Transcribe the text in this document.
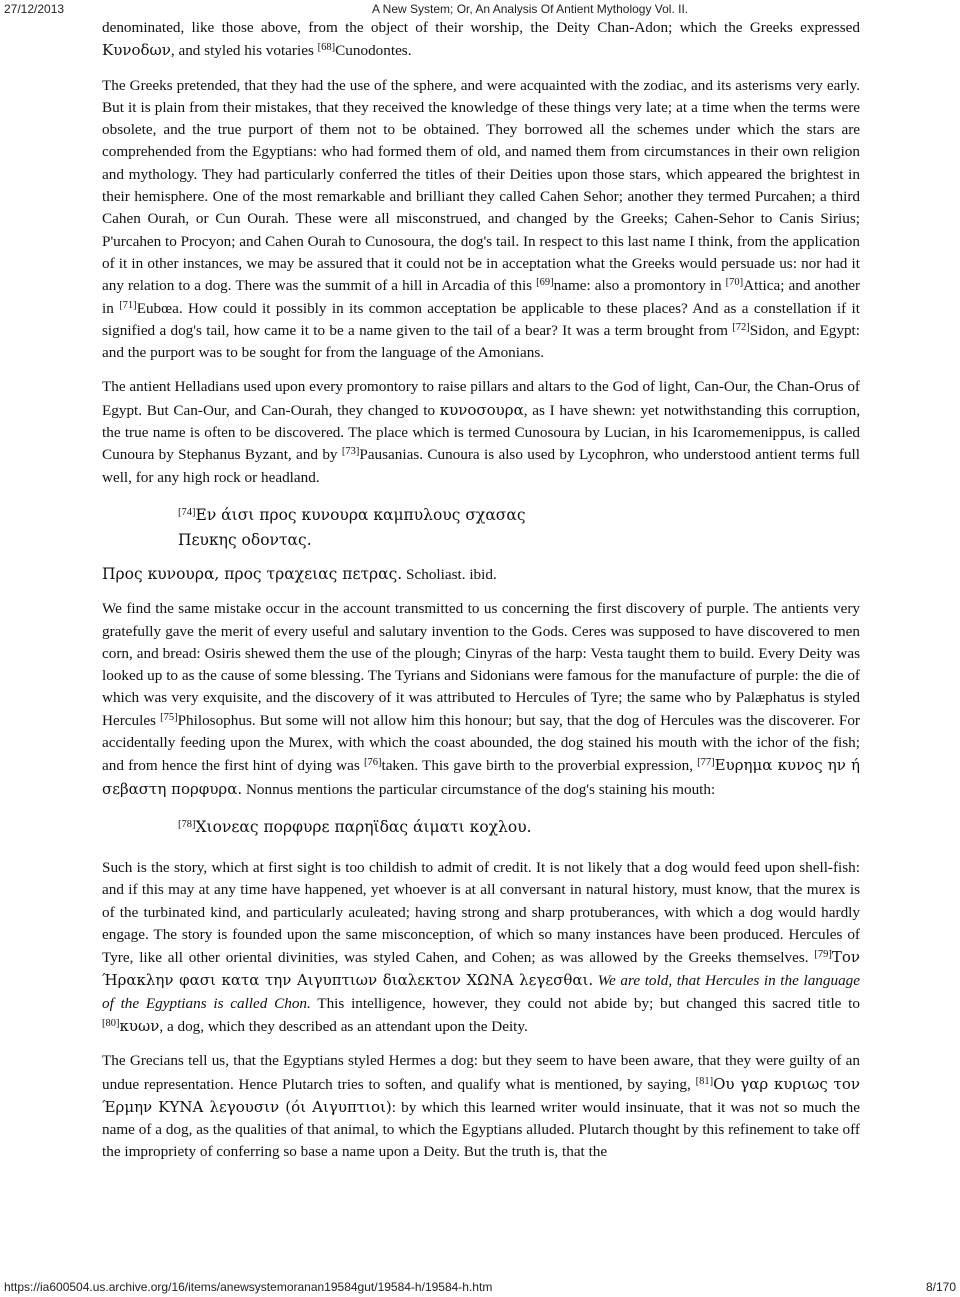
27/12/2013	A New System; Or, An Analysis Of Antient Mythology Vol. II.

denominated, like those above, from the object of their worship, the Deity Chan-Adon; which the Greeks expressed Κυνοδων, and styled his votaries [68]Cunodontes.

The Greeks pretended, that they had the use of the sphere, and were acquainted with the zodiac, and its asterisms very early. But it is plain from their mistakes, that they received the knowledge of these things very late; at a time when the terms were obsolete, and the true purport of them not to be obtained. They borrowed all the schemes under which the stars are comprehended from the Egyptians: who had formed them of old, and named them from circumstances in their own religion and mythology. They had particularly conferred the titles of their Deities upon those stars, which appeared the brightest in their hemisphere. One of the most remarkable and brilliant they called Cahen Sehor; another they termed Purcahen; a third Cahen Ourah, or Cun Ourah. These were all misconstrued, and changed by the Greeks; Cahen-Sehor to Canis Sirius; P'urcahen to Procyon; and Cahen Ourah to Cunosoura, the dog's tail. In respect to this last name I think, from the application of it in other instances, we may be assured that it could not be in acceptation what the Greeks would persuade us: nor had it any relation to a dog. There was the summit of a hill in Arcadia of this [69]name: also a promontory in [70]Attica; and another in [71]Eubœa. How could it possibly in its common acceptation be applicable to these places? And as a constellation if it signified a dog's tail, how came it to be a name given to the tail of a bear? It was a term brought from [72]Sidon, and Egypt: and the purport was to be sought for from the language of the Amonians.

The antient Helladians used upon every promontory to raise pillars and altars to the God of light, Can-Our, the Chan-Orus of Egypt. But Can-Our, and Can-Ourah, they changed to κυνοσουρα, as I have shewn: yet notwithstanding this corruption, the true name is often to be discovered. The place which is termed Cunosoura by Lucian, in his Icaromemenippus, is called Cunoura by Stephanus Byzant, and by [73]Pausanias. Cunoura is also used by Lycophron, who understood antient terms full well, for any high rock or headland.

[74]Εν άισι προς κυνουρα καμπυλους σχασας
Πευκης οδοντας.

Προς κυνουρα, προς τραχειας πετρας. Scholiast. ibid.

We find the same mistake occur in the account transmitted to us concerning the first discovery of purple. The antients very gratefully gave the merit of every useful and salutary invention to the Gods. Ceres was supposed to have discovered to men corn, and bread: Osiris shewed them the use of the plough; Cinyras of the harp: Vesta taught them to build. Every Deity was looked up to as the cause of some blessing. The Tyrians and Sidonians were famous for the manufacture of purple: the die of which was very exquisite, and the discovery of it was attributed to Hercules of Tyre; the same who by Palæphatus is styled Hercules [75]Philosophus. But some will not allow him this honour; but say, that the dog of Hercules was the discoverer. For accidentally feeding upon the Murex, with which the coast abounded, the dog stained his mouth with the ichor of the fish; and from hence the first hint of dying was [76]taken. This gave birth to the proverbial expression, [77]Ευρημα κυνος ην ή σεβαστη πορφυρα. Nonnus mentions the particular circumstance of the dog's staining his mouth:

[78]Χιονεας πορφυρε παρηϊδας άιματι κοχλου.

Such is the story, which at first sight is too childish to admit of credit. It is not likely that a dog would feed upon shell-fish: and if this may at any time have happened, yet whoever is at all conversant in natural history, must know, that the murex is of the turbinated kind, and particularly aculeated; having strong and sharp protuberances, with which a dog would hardly engage. The story is founded upon the same misconception, of which so many instances have been produced. Hercules of Tyre, like all other oriental divinities, was styled Cahen, and Cohen; as was allowed by the Greeks themselves. [79]Τον Ήρακλην φασι κατα την Αιγυπτιων διαλεκτον ΧΩΝΑ λεγεσθαι. We are told, that Hercules in the language of the Egyptians is called Chon. This intelligence, however, they could not abide by; but changed this sacred title to [80]κυων, a dog, which they described as an attendant upon the Deity.

The Grecians tell us, that the Egyptians styled Hermes a dog: but they seem to have been aware, that they were guilty of an undue representation. Hence Plutarch tries to soften, and qualify what is mentioned, by saying, [81]Ου γαρ κυριως τον Έρμην ΚΥΝΑ λεγουσιν (όι Αιγυπτιοι): by which this learned writer would insinuate, that it was not so much the name of a dog, as the qualities of that animal, to which the Egyptians alluded. Plutarch thought by this refinement to take off the impropriety of conferring so base a name upon a Deity. But the truth is, that the

https://ia600504.us.archive.org/16/items/anewsystemoranan19584gut/19584-h/19584-h.htm	8/170
